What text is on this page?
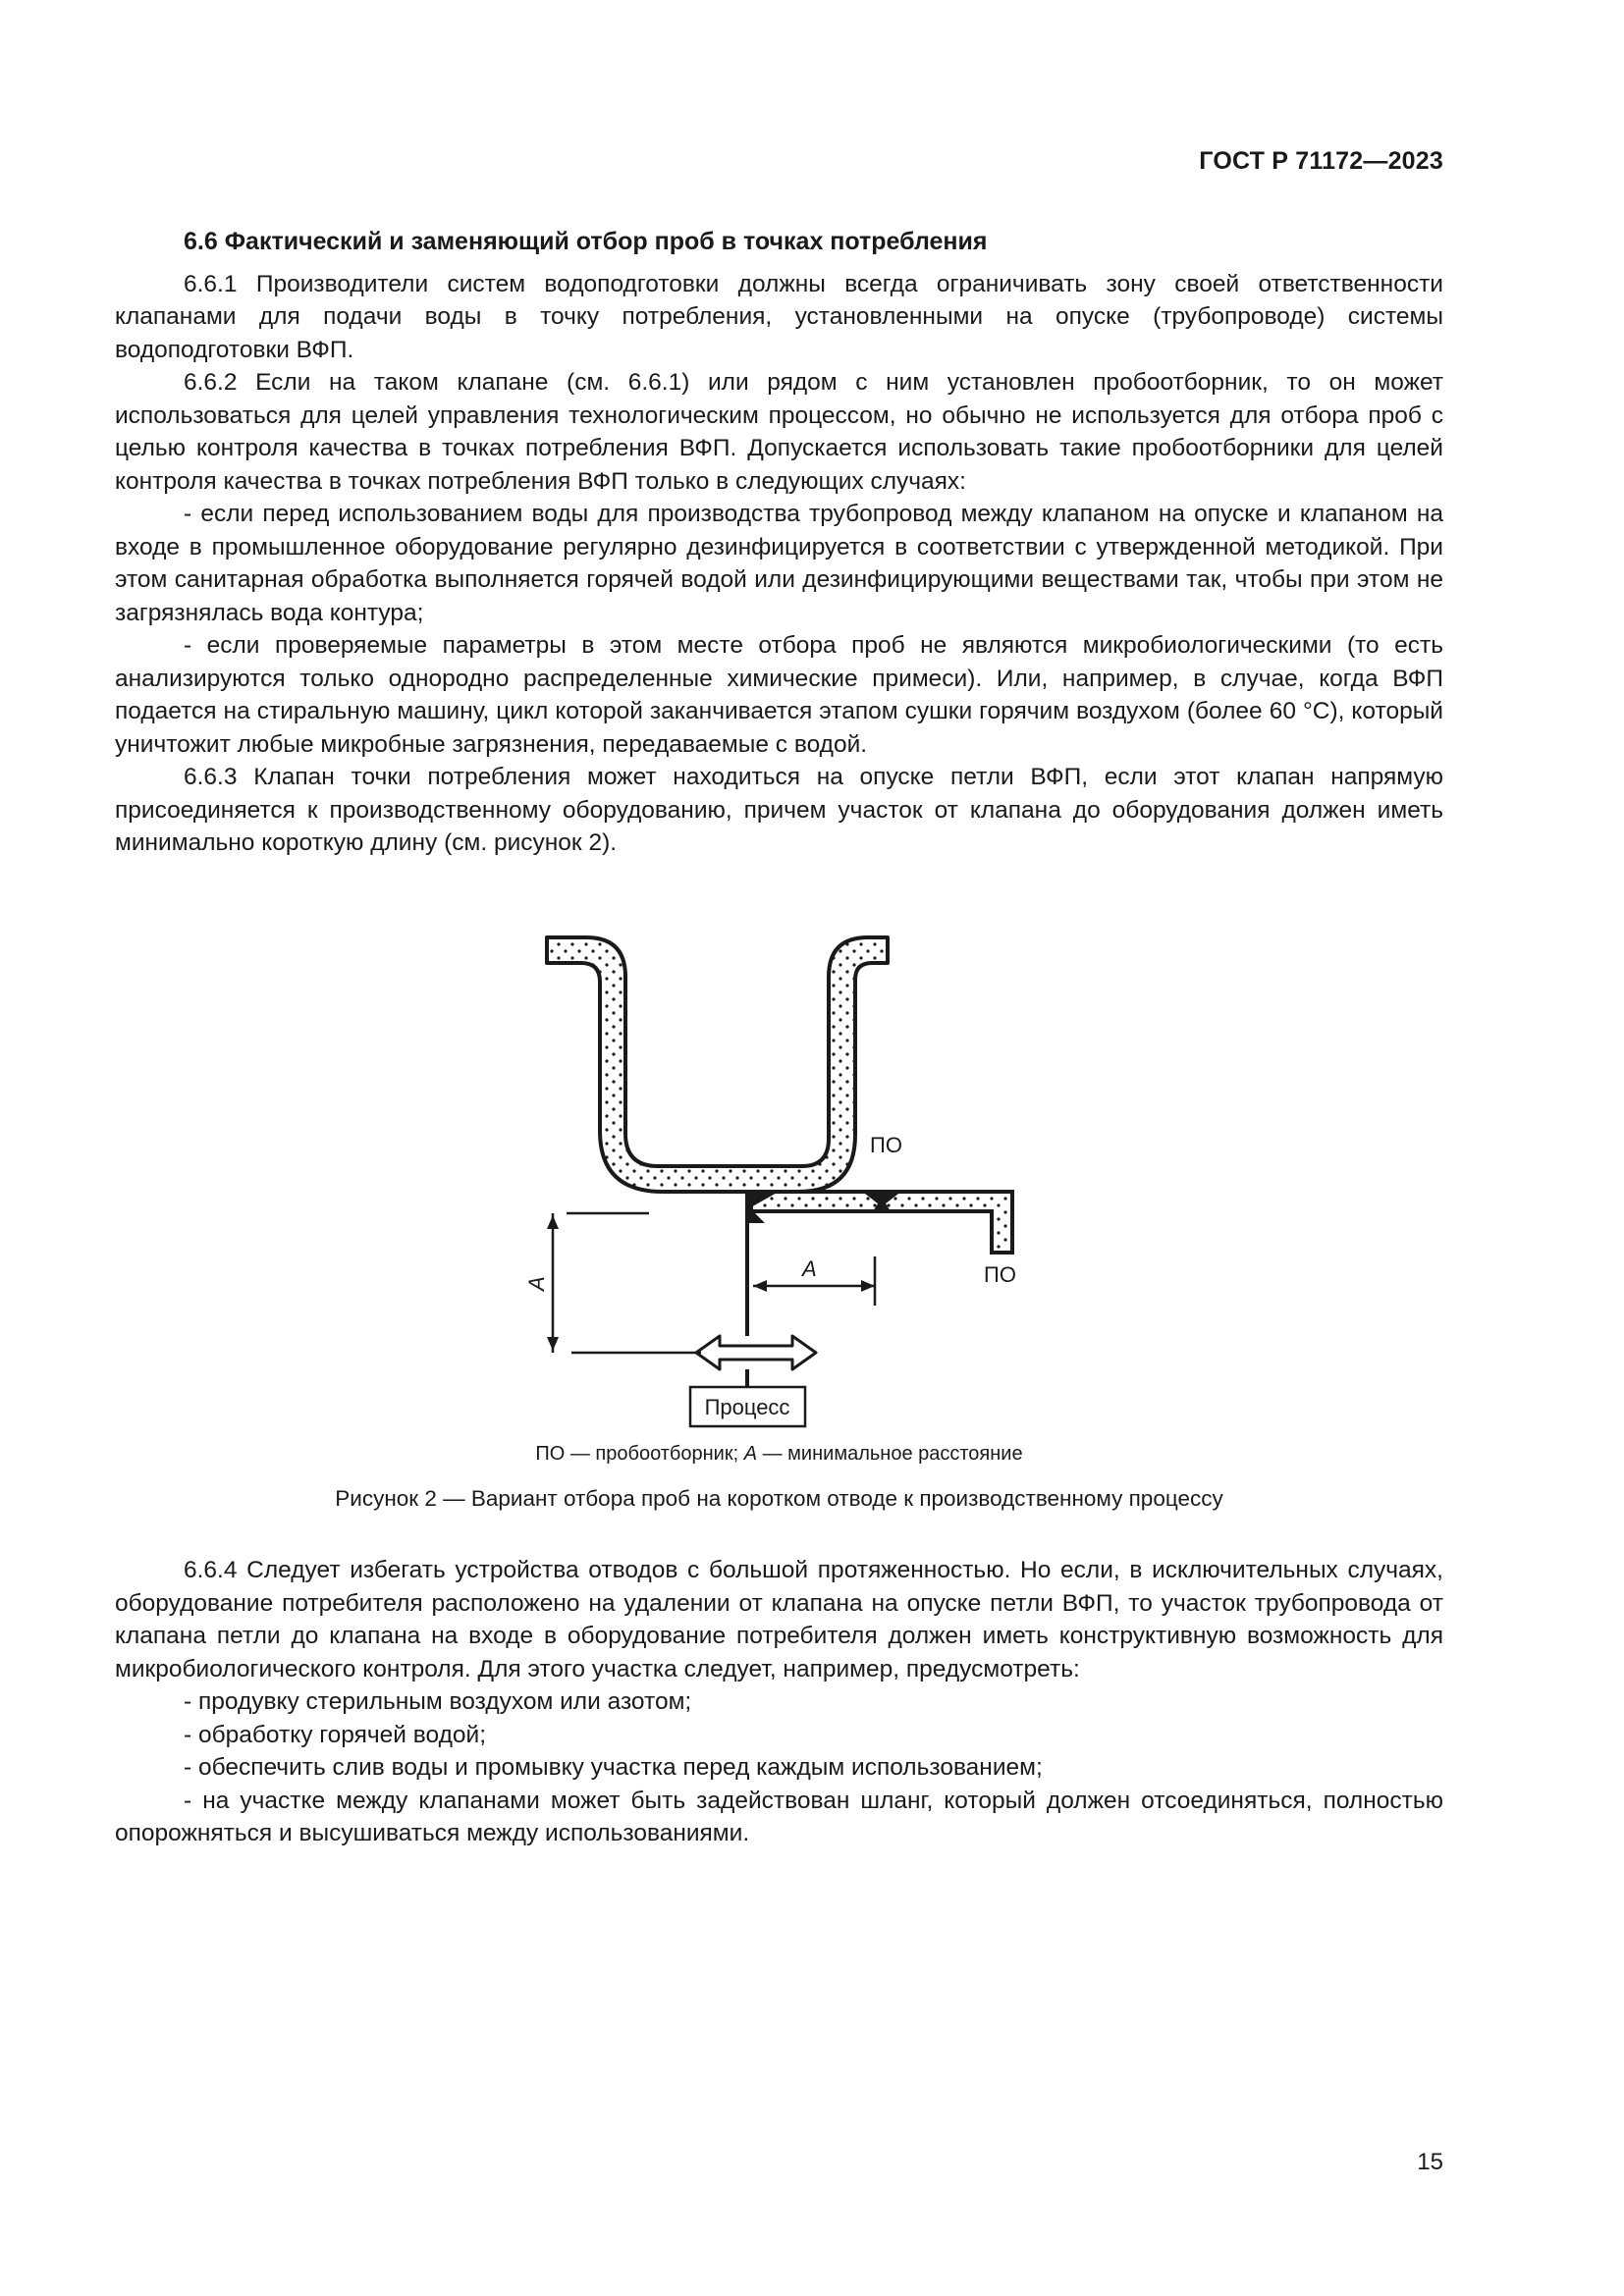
ГОСТ Р 71172—2023

6.6 Фактический и заменяющий отбор проб в точках потребления

6.6.1 Производители систем водоподготовки должны всегда ограничивать зону своей ответственности клапанами для подачи воды в точку потребления, установленными на опуске (трубопроводе) системы водоподготовки ВФП.

6.6.2 Если на таком клапане (см. 6.6.1) или рядом с ним установлен пробоотборник, то он может использоваться для целей управления технологическим процессом, но обычно не используется для отбора проб с целью контроля качества в точках потребления ВФП. Допускается использовать такие пробоотборники для целей контроля качества в точках потребления ВФП только в следующих случаях:

- если перед использованием воды для производства трубопровод между клапаном на опуске и клапаном на входе в промышленное оборудование регулярно дезинфицируется в соответствии с утвержденной методикой. При этом санитарная обработка выполняется горячей водой или дезинфицирующими веществами так, чтобы при этом не загрязнялась вода контура;

- если проверяемые параметры в этом месте отбора проб не являются микробиологическими (то есть анализируются только однородно распределенные химические примеси). Или, например, в случае, когда ВФП подается на стиральную машину, цикл которой заканчивается этапом сушки горячим воздухом (более 60 °С), который уничтожит любые микробные загрязнения, передаваемые с водой.

6.6.3 Клапан точки потребления может находиться на опуске петли ВФП, если этот клапан напрямую присоединяется к производственному оборудованию, причем участок от клапана до оборудования должен иметь минимально короткую длину (см. рисунок 2).

ПО
ПО
А
А
Процесс
ПО — пробоотборник; А — минимальное расстояние
Рисунок 2 — Вариант отбора проб на коротком отводе к производственному процессу

6.6.4 Следует избегать устройства отводов с большой протяженностью. Но если, в исключительных случаях, оборудование потребителя расположено на удалении от клапана на опуске петли ВФП, то участок трубопровода от клапана петли до клапана на входе в оборудование потребителя должен иметь конструктивную возможность для микробиологического контроля. Для этого участка следует, например, предусмотреть:

- продувку стерильным воздухом или азотом;

- обработку горячей водой;

- обеспечить слив воды и промывку участка перед каждым использованием;

- на участке между клапанами может быть задействован шланг, который должен отсоединяться, полностью опорожняться и высушиваться между использованиями.

15
